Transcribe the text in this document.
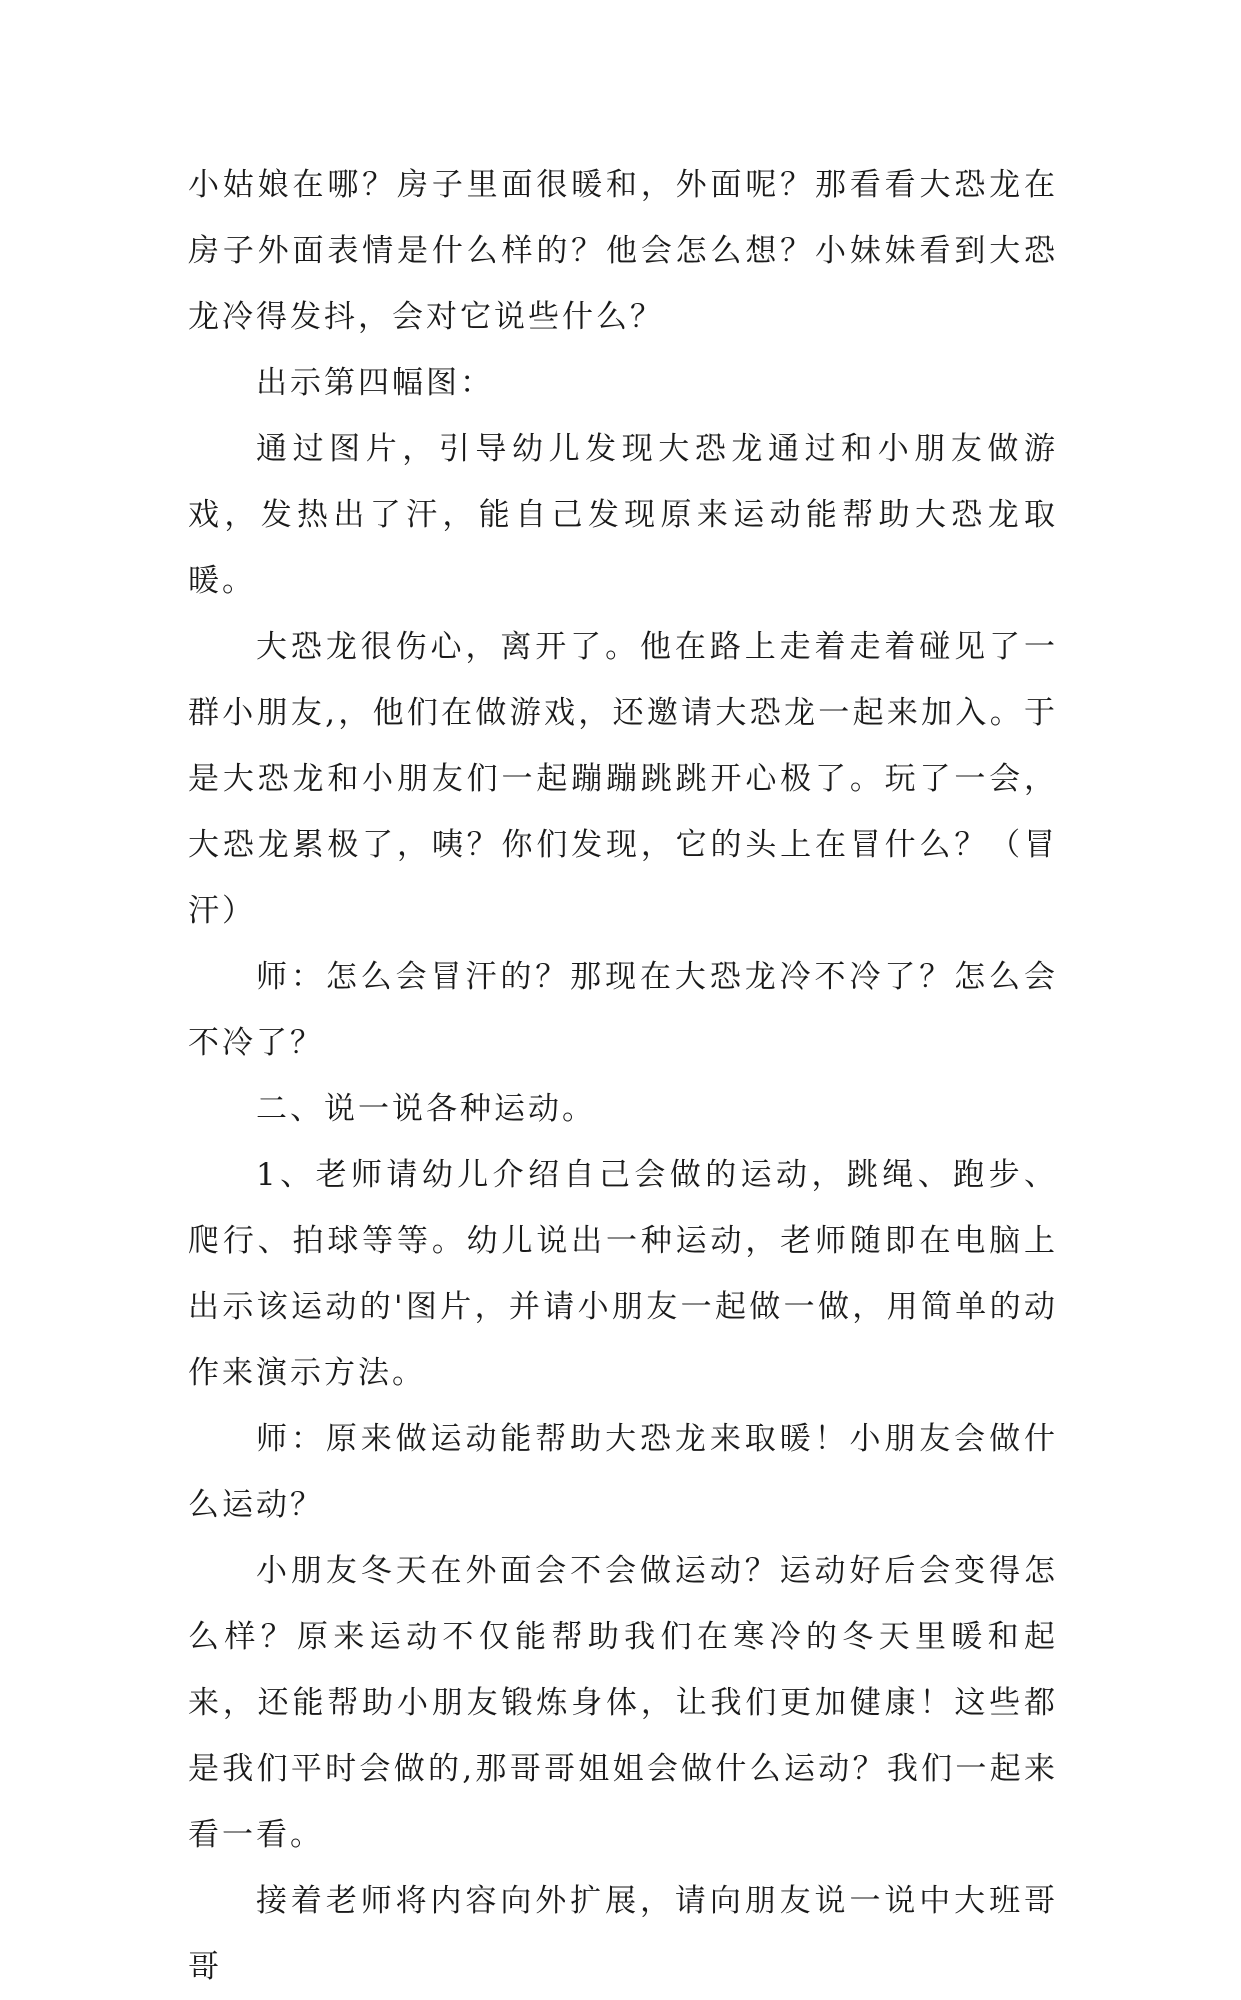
小姑娘在哪？房子里面很暖和，外面呢？那看看大恐龙在房子外面表情是什么样的？他会怎么想？小妹妹看到大恐龙冷得发抖，会对它说些什么？

出示第四幅图：

通过图片，引导幼儿发现大恐龙通过和小朋友做游戏，发热出了汗，能自己发现原来运动能帮助大恐龙取暖。

大恐龙很伤心，离开了。他在路上走着走着碰见了一群小朋友,，他们在做游戏，还邀请大恐龙一起来加入。于是大恐龙和小朋友们一起蹦蹦跳跳开心极了。玩了一会，大恐龙累极了，咦？你们发现，它的头上在冒什么？（冒汗）

师：怎么会冒汗的？那现在大恐龙冷不冷了？怎么会不冷了？

二、说一说各种运动。

1、老师请幼儿介绍自己会做的运动，跳绳、跑步、爬行、拍球等等。幼儿说出一种运动，老师随即在电脑上出示该运动的'图片，并请小朋友一起做一做，用简单的动作来演示方法。

师：原来做运动能帮助大恐龙来取暖！小朋友会做什么运动？

小朋友冬天在外面会不会做运动？运动好后会变得怎么样？原来运动不仅能帮助我们在寒冷的冬天里暖和起来，还能帮助小朋友锻炼身体，让我们更加健康！这些都是我们平时会做的,那哥哥姐姐会做什么运动？我们一起来看一看。

接着老师将内容向外扩展，请向朋友说一说中大班哥哥
